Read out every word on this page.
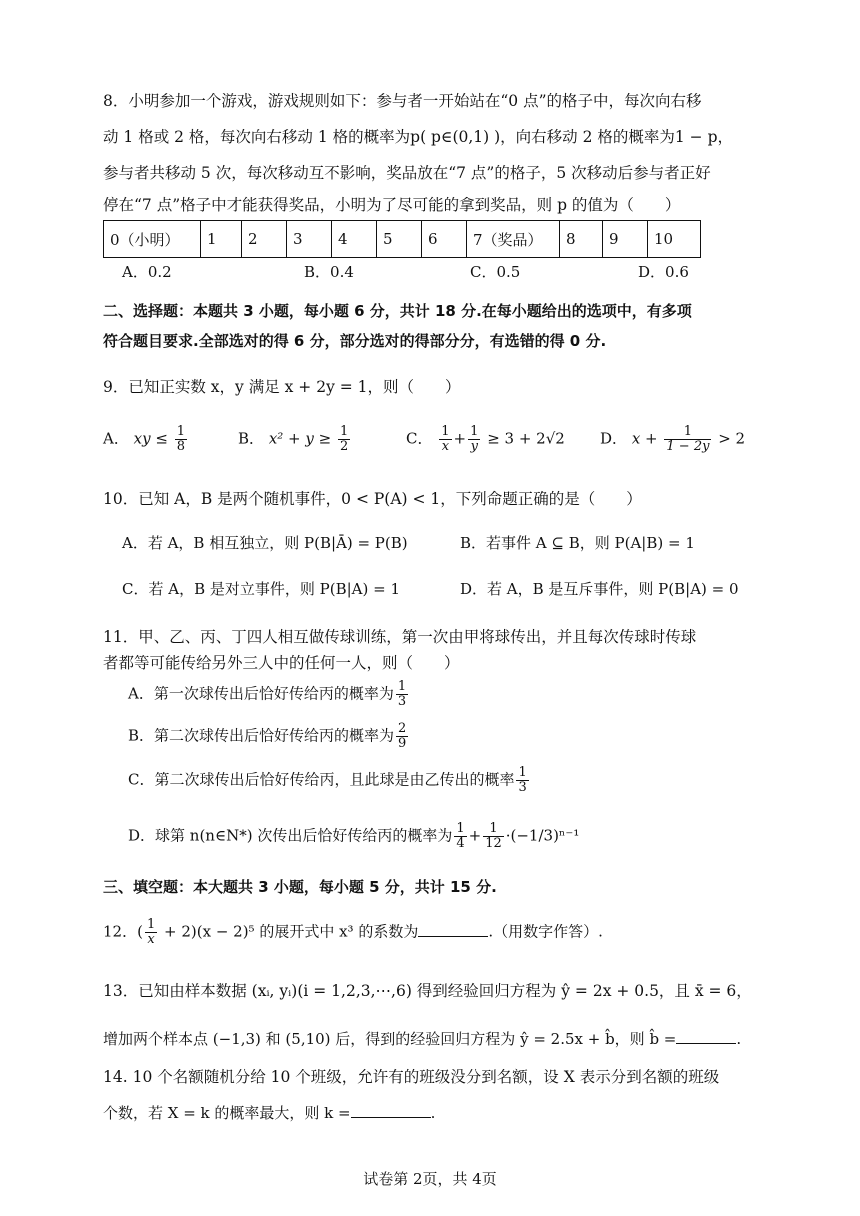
8．小明参加一个游戏，游戏规则如下：参与者一开始站在“0 点”的格子中，每次向右移
动 1 格或 2 格，每次向右移动 1 格的概率为p( p∈(0,1) )，向右移动 2 格的概率为1 − p，
参与者共移动 5 次，每次移动互不影响，奖品放在“7 点”的格子，5 次移动后参与者正好
停在“7 点”格子中才能获得奖品，小明为了尽可能的拿到奖品，则 p 的值为（　　）
0（小明）	1	2	3	4	5	6	7（奖品）	8	9	10
A．0.2	B．0.4	C．0.5	D．0.6
二、选择题：本题共 3 小题，每小题 6 分，共计 18 分.在每小题给出的选项中，有多项
符合题目要求.全部选对的得 6 分，部分选对的得部分分，有选错的得 0 分.
9．已知正实数 x，y 满足 x + 2y = 1，则（　　）
A． xy ≤ $\frac{1}{8}$	B． $x^2 + y \ge \frac{1}{2}$	C． $\frac{1}{x} + \frac{1}{y} \ge 3 + 2√2$ D． $x + \frac{1}{1 - 2y} > 2$
10．已知 A，B 是两个随机事件，0 < P(A) < 1，下列命题正确的是（　　）
A．若 A，B 相互独立，则 P(B|Ā) = P(B)	B．若事件 A ⊆ B，则 P(A|B) = 1
C．若 A，B 是对立事件，则 P(B|A) = 1	D．若 A，B 是互斥事件，则 P(B|A) = 0
11．甲、乙、丙、丁四人相互做传球训练，第一次由甲将球传出，并且每次传球时传球
者都等可能传给另外三人中的任何一人，则（　　）
A．第一次球传出后恰好传给丙的概率为 $\frac{1}{3}$
B．第二次球传出后恰好传给丙的概率为 $\frac{2}{9}$
C．第二次球传出后恰好传给丙，且此球是由乙传出的概率 $\frac{1}{3}$
D．球第 n(n∈N*) 次传出后恰好传给丙的概率为 $\frac{1}{4} + \frac{1}{12} \cdot(-1/3)^{n-1}$
三、填空题：本大题共 3 小题，每小题 5 分，共计 15 分.
12．( $\frac{1}{x} + 2)(x - 2)^5$ 的展开式中 x³ 的系数为	.（用数字作答）.
13．已知由样本数据 (xᵢ, yᵢ)(i = 1,2,3,⋯,6) 得到经验回归方程为 ŷ = 2x + 0.5，且 x̄ = 6，
增加两个样本点 (−1,3) 和 (5,10) 后，得到的经验回归方程为 ŷ = 2.5x + b̂，则 b̂ =	.
14. 10 个名额随机分给 10 个班级，允许有的班级没分到名额，设 X 表示分到名额的班级
个数，若 X = k 的概率最大，则 k =	.
试卷第 2页，共 4页
